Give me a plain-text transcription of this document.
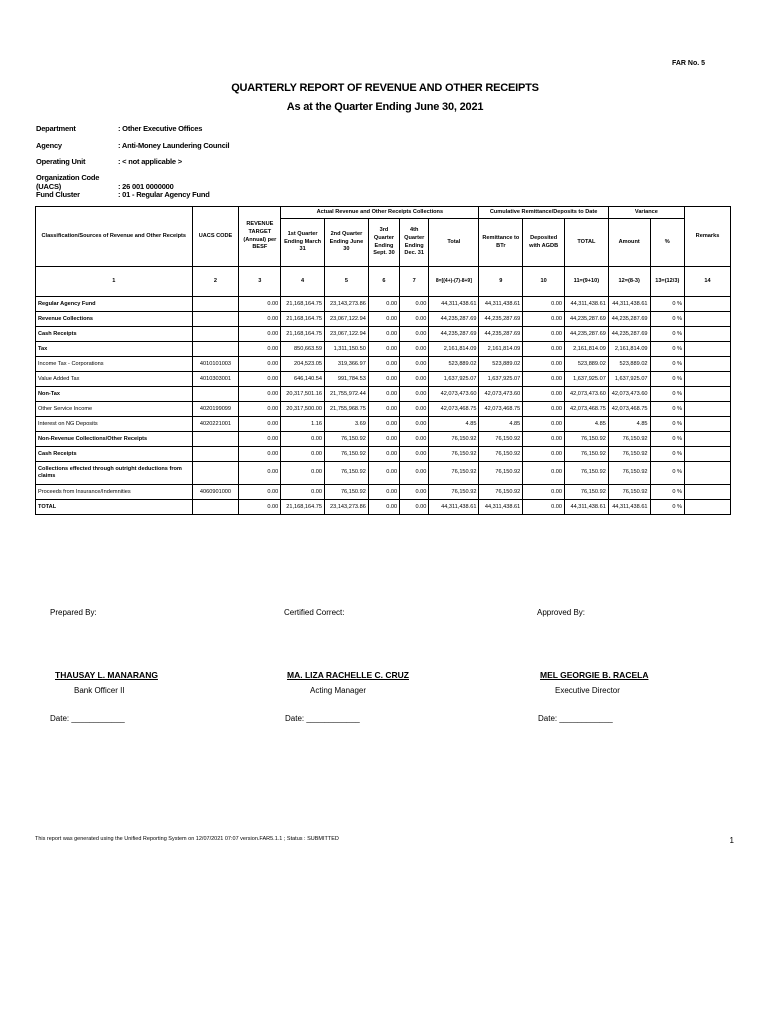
FAR No. 5
QUARTERLY REPORT OF REVENUE AND OTHER RECEIPTS
As at the Quarter Ending June 30, 2021
Department	: Other Executive Offices
Agency	: Anti-Money Laundering Council
Operating Unit	: < not applicable >
Organization Code (UACS)	: 26 001 0000000
Fund Cluster	: 01 - Regular Agency Fund
Classification/Sources of Revenue and Other Receipts	UACS CODE	REVENUE TARGET (Annual) per BESF	Actual Revenue and Other Receipts Collections					Cumulative Remittance/Deposits to Date			Variance		Remarks
			1st Quarter Ending March 31	2nd Quarter Ending June 30	3rd Quarter Ending Sept. 30	4th Quarter Ending Dec. 31	Total	Remittance to BTr	Deposited with AGDB	TOTAL	Amount	%	
1	2	3	4	5	6	7	8=[(4+)-(7)-8+9]	9	10	11=(9+10)	12=(8-3)	13=(12/3)	14
Regular Agency Fund		0.00	21,168,164.75	23,143,273.86	0.00	0.00	44,311,438.61	44,311,438.61	0.00	44,311,438.61	44,311,438.61	0 %	
Revenue Collections		0.00	21,168,164.75	23,067,122.94	0.00	0.00	44,235,287.69	44,235,287.69	0.00	44,235,287.69	44,235,287.69	0 %	
Cash Receipts		0.00	21,168,164.75	23,067,122.94	0.00	0.00	44,235,287.69	44,235,287.69	0.00	44,235,287.69	44,235,287.69	0 %	
Tax		0.00	850,663.59	1,311,150.50	0.00	0.00	2,161,814.09	2,161,814.09	0.00	2,161,814.09	2,161,814.09	0 %	
Income Tax - Corporations	4010101003	0.00	204,523.05	319,366.97	0.00	0.00	523,889.02	523,889.02	0.00	523,889.02	523,889.02	0 %	
Value Added Tax	4010303001	0.00	646,140.54	991,784.53	0.00	0.00	1,637,925.07	1,637,925.07	0.00	1,637,925.07	1,637,925.07	0 %	
Non-Tax		0.00	20,317,501.16	21,755,972.44	0.00	0.00	42,073,473.60	42,073,473.60	0.00	42,073,473.60	42,073,473.60	0 %	
Other Service Income	4020199099	0.00	20,317,500.00	21,755,968.75	0.00	0.00	42,073,468.75	42,073,468.75	0.00	42,073,468.75	42,073,468.75	0 %	
Interest on NG Deposits	4020221001	0.00	1.16	3.69	0.00	0.00	4.85	4.85	0.00	4.85	4.85	0 %	
Non-Revenue Collections/Other Receipts		0.00	0.00	76,150.92	0.00	0.00	76,150.92	76,150.92	0.00	76,150.92	76,150.92	0 %	
Cash Receipts		0.00	0.00	76,150.92	0.00	0.00	76,150.92	76,150.92	0.00	76,150.92	76,150.92	0 %	
Collections effected through outright deductions from claims		0.00	0.00	76,150.92	0.00	0.00	76,150.92	76,150.92	0.00	76,150.92	76,150.92	0 %	
Proceeds from Insurance/Indemnities	4060901000	0.00	0.00	76,150.92	0.00	0.00	76,150.92	76,150.92	0.00	76,150.92	76,150.92	0 %	
TOTAL		0.00	21,168,164.75	23,143,273.86	0.00	0.00	44,311,438.61	44,311,438.61	0.00	44,311,438.61	44,311,438.61	0 %	
Prepared By:
THAUSAY L. MANARANG
Bank Officer II
Date: ____________
Certified Correct:
MA. LIZA RACHELLE C. CRUZ
Acting Manager
Date: ____________
Approved By:
MEL GEORGIE B. RACELA
Executive Director
Date: ____________
This report was generated using the Unified Reporting System on 12/07/2021 07:07 version.FAR5.1.1 ; Status : SUBMITTED	1
